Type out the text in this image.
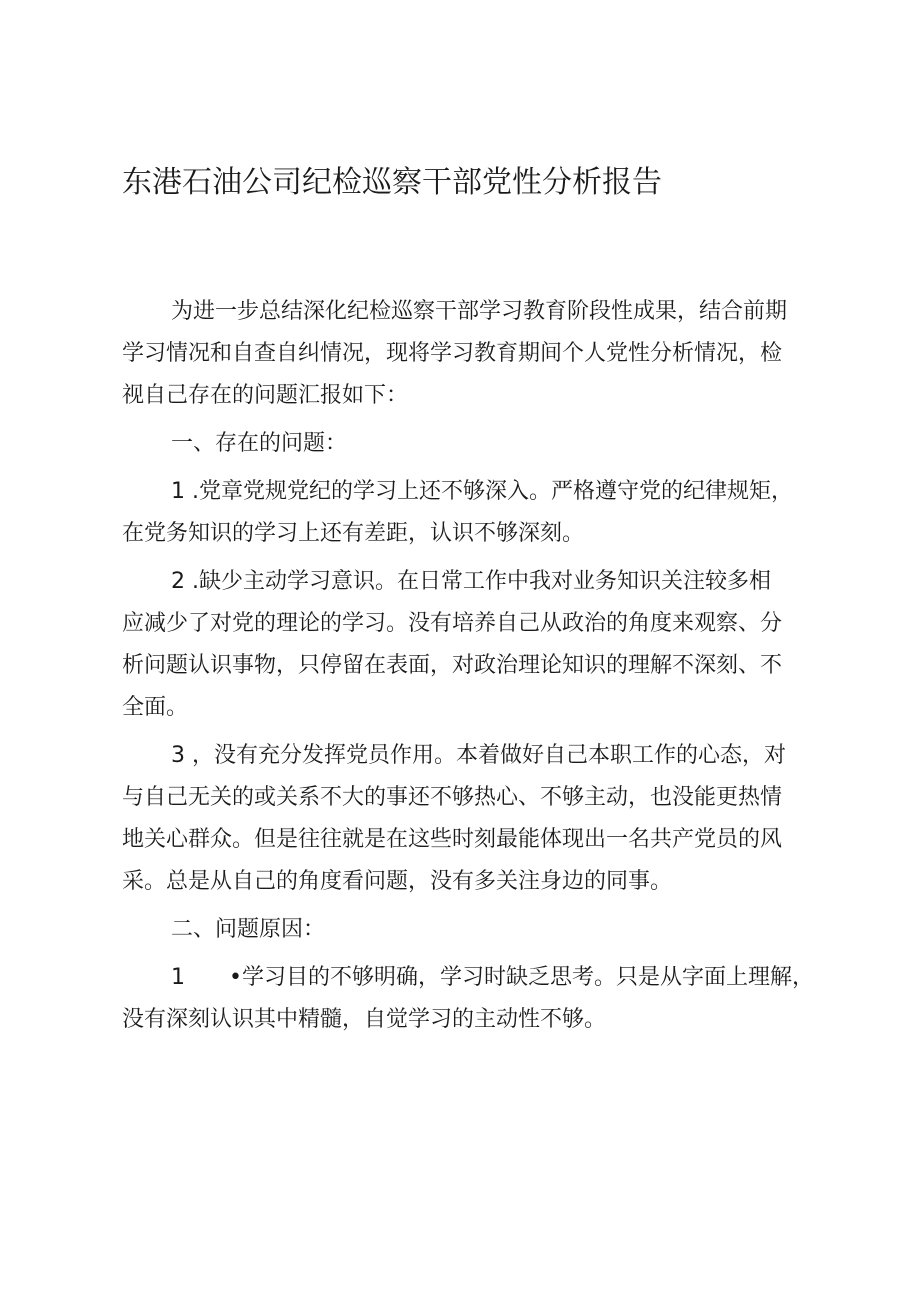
东港石油公司纪检巡察干部党性分析报告

为进一步总结深化纪检巡察干部学习教育阶段性成果，结合前期

学习情况和自查自纠情况，现将学习教育期间个人党性分析情况，检

视自己存在的问题汇报如下：

一、存在的问题：

1 .党章党规党纪的学习上还不够深入。严格遵守党的纪律规矩，

在党务知识的学习上还有差距，认识不够深刻。

2 .缺少主动学习意识。在日常工作中我对业务知识关注较多相

应减少了对党的理论的学习。没有培养自己从政治的角度来观察、分

析问题认识事物，只停留在表面，对政治理论知识的理解不深刻、不

全面。

3 ，没有充分发挥党员作用。本着做好自己本职工作的心态，对

与自己无关的或关系不大的事还不够热心、不够主动，也没能更热情

地关心群众。但是往往就是在这些时刻最能体现出一名共产党员的风

采。总是从自己的角度看问题，没有多关注身边的同事。

二、问题原因：

1 •学习目的不够明确，学习时缺乏思考。只是从字面上理解，

没有深刻认识其中精髓，自觉学习的主动性不够。
